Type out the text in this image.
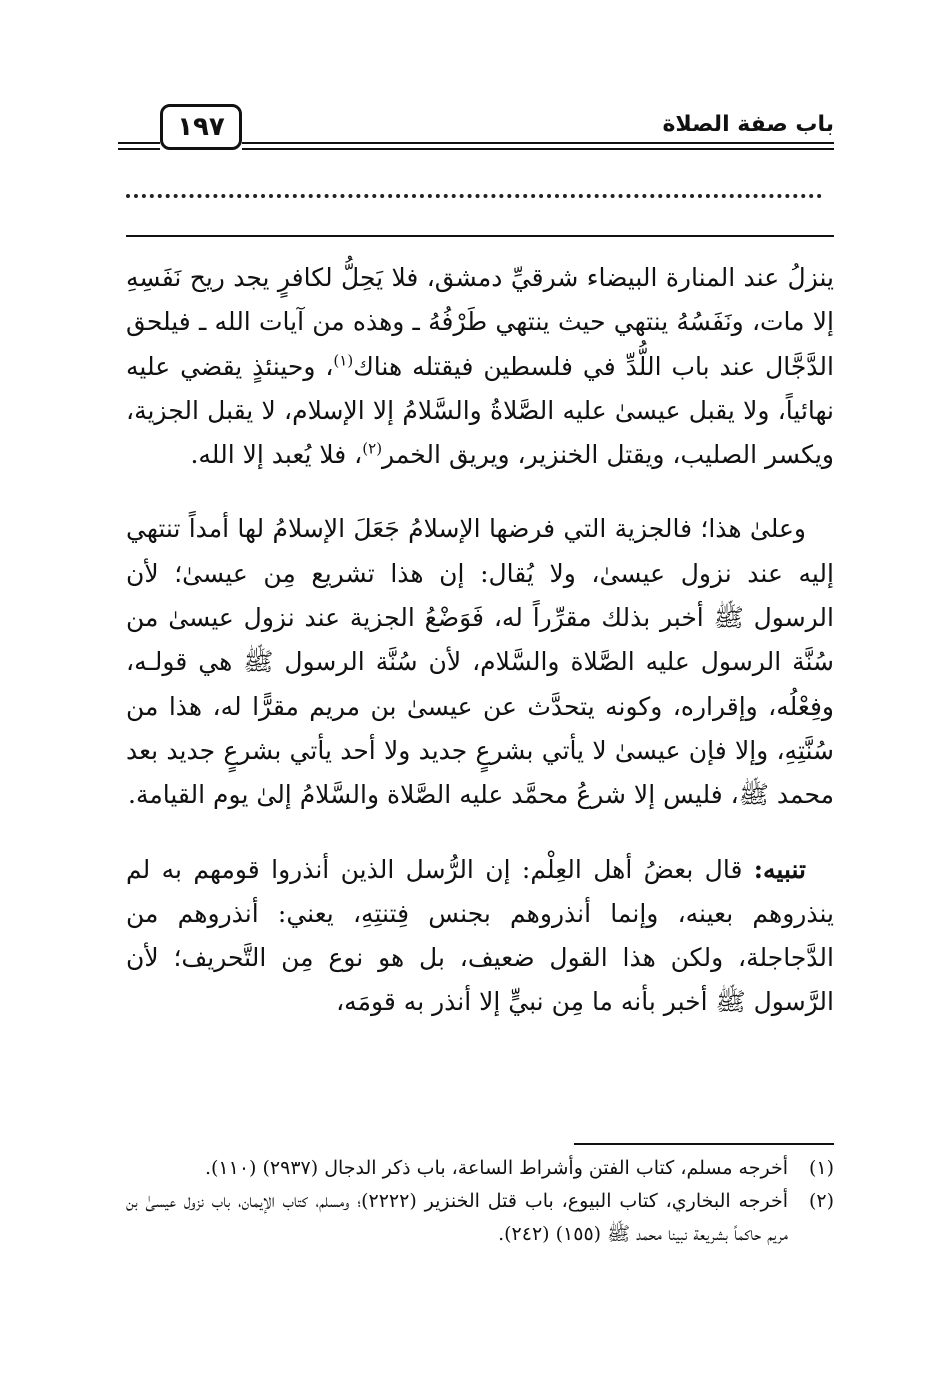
باب صفة الصلاة
١٩٧

ينزلُ عند المنارة البيضاء شرقيِّ دمشق، فلا يَحِلُّ لكافرٍ يجد ريح نَفَسِهِ إلا مات، ونَفَسُهُ ينتهي حيث ينتهي طَرْفُهُ ـ وهذه من آيات الله ـ فيلحق الدَّجَّال عند باب اللُّدِّ في فلسطين فيقتله هناك$^{(١)}$، وحينئذٍ يقضي عليه نهائياً، ولا يقبل عيسىٰ عليه الصَّلاةُ والسَّلامُ إلا الإسلام، لا يقبل الجزية، ويكسر الصليب، ويقتل الخنزير، ويريق الخمر$^{(٢)}$، فلا يُعبد إلا الله.

وعلىٰ هذا؛ فالجزية التي فرضها الإسلامُ جَعَلَ الإسلامُ لها أمداً تنتهي إليه عند نزول عيسىٰ، ولا يُقال: إن هذا تشريع مِن عيسىٰ؛ لأن الرسول ﷺ أخبر بذلك مقرِّراً له، فَوَضْعُ الجزية عند نزول عيسىٰ من سُنَّة الرسول عليه الصَّلاة والسَّلام، لأن سُنَّة الرسول ﷺ هي قولـه، وفِعْلُه، وإقراره، وكونه يتحدَّث عن عيسىٰ بن مريم مقرًّا له، هذا من سُنَّتِهِ، وإلا فإن عيسىٰ لا يأتي بشرعٍ جديد ولا أحد يأتي بشرعٍ جديد بعد محمد ﷺ، فليس إلا شرعُ محمَّد عليه الصَّلاة والسَّلامُ إلىٰ يوم القيامة.

تنبيه: قال بعضُ أهل العِلْم: إن الرُّسل الذين أنذروا قومهم به لم ينذروهم بعينه، وإنما أنذروهم بجنس فِتنتِهِ، يعني: أنذروهم من الدَّجاجلة، ولكن هذا القول ضعيف، بل هو نوع مِن التَّحريف؛ لأن الرَّسول ﷺ أخبر بأنه ما مِن نبيٍّ إلا أنذر به قومَه،

(١)
أخرجه مسلم، كتاب الفتن وأشراط الساعة، باب ذكر الدجال (٢٩٣٧) (١١٠).
(٢)
أخرجه البخاري، كتاب البيوع، باب قتل الخنزير (٢٢٢٢)؛ ومسلم، كتاب الإيمان، باب نزول عيسىٰ بن مريم حاكماً بشريعة نبينا محمد ﷺ (١٥٥) (٢٤٢).
